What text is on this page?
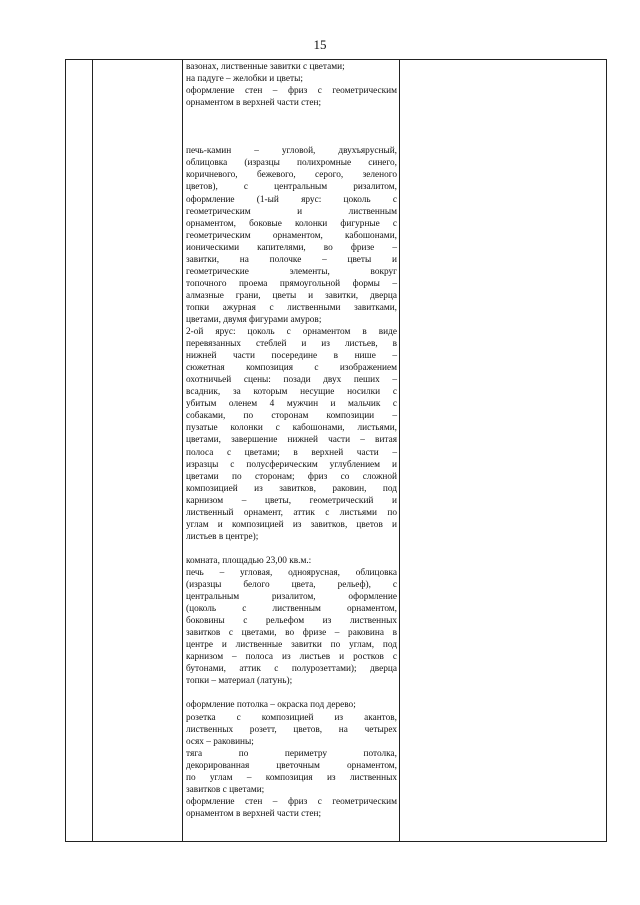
15
вазонах, лиственные завитки с цветами;
на падуге – желобки и цветы;
оформление стен – фриз с геометрическим
орнаментом в верхней части стен;
печь-камин – угловой, двухъярусный,
облицовка (изразцы полихромные синего,
коричневого, бежевого, серого, зеленого
цветов), с центральным ризалитом,
оформление (1-ый ярус: цоколь с
геометрическим и лиственным
орнаментом, боковые колонки фигурные с
геометрическим орнаментом, кабошонами,
ионическими капителями, во фризе –
завитки, на полочке – цветы и
геометрические элементы, вокруг
топочного проема прямоугольной формы –
алмазные грани, цветы и завитки, дверца
топки ажурная с лиственными завитками,
цветами, двумя фигурами амуров;
2-ой ярус: цоколь с орнаментом в виде
перевязанных стеблей и из листьев, в
нижней части посередине в нише –
сюжетная композиция с изображением
охотничьей сцены: позади двух пеших –
всадник, за которым несущие носилки с
убитым оленем 4 мужчин и мальчик с
собаками, по сторонам композиции –
пузатые колонки с кабошонами, листьями,
цветами, завершение нижней части – витая
полоса с цветами; в верхней части –
изразцы с полусферическим углублением и
цветами по сторонам; фриз со сложной
композицией из завитков, раковин, под
карнизом – цветы, геометрический и
лиственный орнамент, аттик с листьями по
углам и композицией из завитков, цветов и
листьев в центре);
комната, площадью 23,00 кв.м.:
печь – угловая, одноярусная, облицовка
(изразцы белого цвета, рельеф), с
центральным ризалитом, оформление
(цоколь с лиственным орнаментом,
боковины с рельефом из лиственных
завитков с цветами, во фризе – раковина в
центре и лиственные завитки по углам, под
карнизом – полоса из листьев и ростков с
бутонами, аттик с полурозеттами); дверца
топки – материал (латунь);
оформление потолка – окраска под дерево;
розетка с композицией из акантов,
лиственных розетт, цветов, на четырех
осях – раковины;
тяга по периметру потолка,
декорированная цветочным орнаментом,
по углам – композиция из лиственных
завитков с цветами;
оформление стен – фриз с геометрическим
орнаментом в верхней части стен;
